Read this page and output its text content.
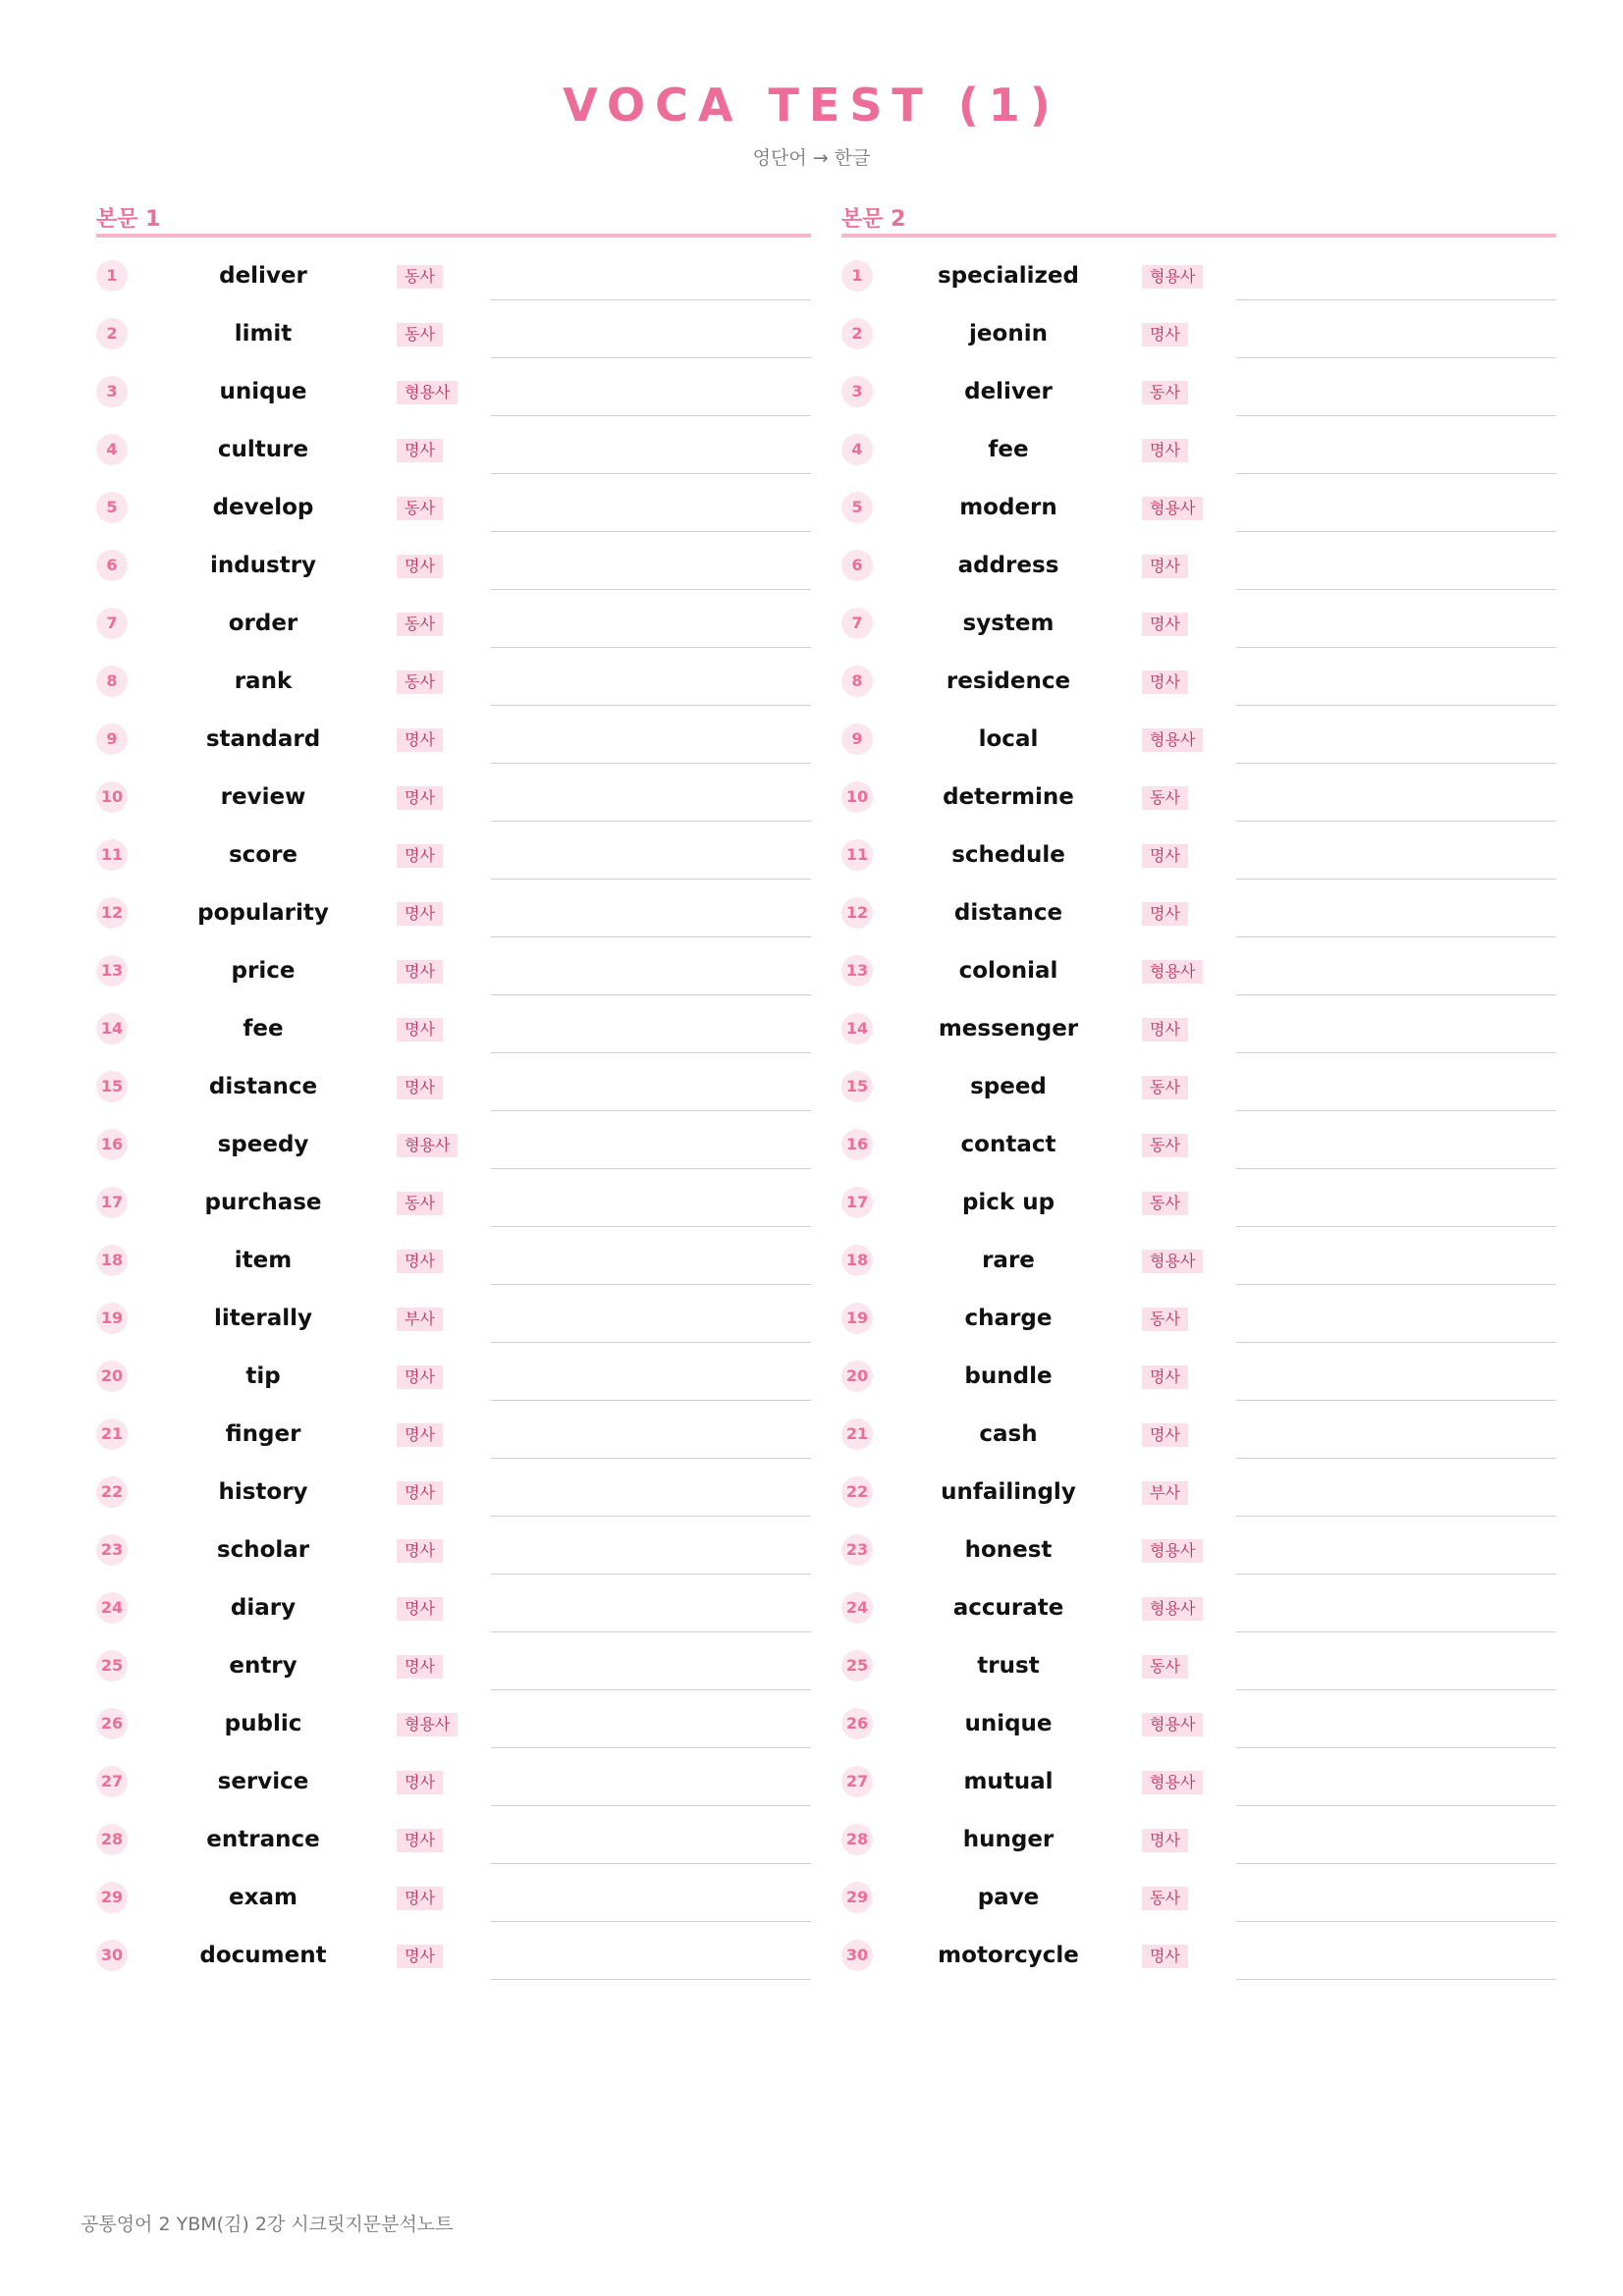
VOCA TEST (1)
영단어 → 한글
본문 1
1	deliver	동사
2	limit	동사
3	unique	형용사
4	culture	명사
5	develop	동사
6	industry	명사
7	order	동사
8	rank	동사
9	standard	명사
10	review	명사
11	score	명사
12	popularity	명사
13	price	명사
14	fee	명사
15	distance	명사
16	speedy	형용사
17	purchase	동사
18	item	명사
19	literally	부사
20	tip	명사
21	finger	명사
22	history	명사
23	scholar	명사
24	diary	명사
25	entry	명사
26	public	형용사
27	service	명사
28	entrance	명사
29	exam	명사
30	document	명사
본문 2
1	specialized	형용사
2	jeonin	명사
3	deliver	동사
4	fee	명사
5	modern	형용사
6	address	명사
7	system	명사
8	residence	명사
9	local	형용사
10	determine	동사
11	schedule	명사
12	distance	명사
13	colonial	형용사
14	messenger	명사
15	speed	동사
16	contact	동사
17	pick up	동사
18	rare	형용사
19	charge	동사
20	bundle	명사
21	cash	명사
22	unfailingly	부사
23	honest	형용사
24	accurate	형용사
25	trust	동사
26	unique	형용사
27	mutual	형용사
28	hunger	명사
29	pave	동사
30	motorcycle	명사
공통영어 2 YBM(김) 2강 시크릿지문분석노트
